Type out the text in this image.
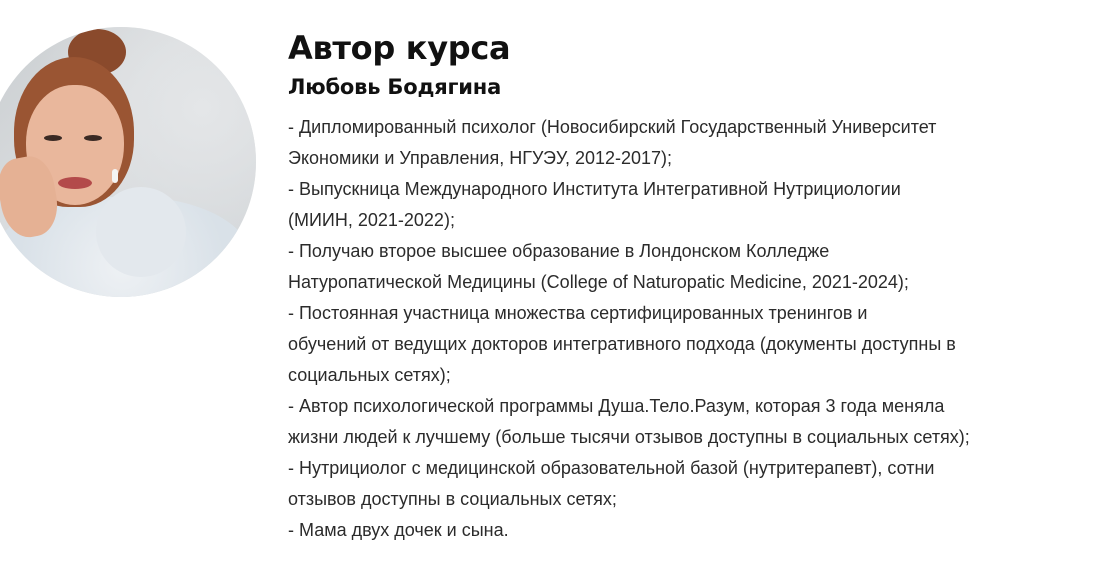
Автор курса
Любовь Бодягина
- Дипломированный психолог (Новосибирский Государственный Университет
Экономики и Управления, НГУЭУ, 2012-2017);
- Выпускница Международного Института Интегративной Нутрициологии
(МИИН, 2021-2022);
- Получаю второе высшее образование в Лондонском Колледже
Натуропатической Медицины (College of Naturopatic Medicine, 2021-2024);
- Постоянная участница множества сертифицированных тренингов и
обучений от ведущих докторов интегративного подхода (документы доступны в
социальных сетях);
- Автор психологической программы Душа.Тело.Разум, которая 3 года меняла
жизни людей к лучшему (больше тысячи отзывов доступны в социальных сетях);
- Нутрициолог с медицинской образовательной базой (нутритерапевт), сотни
отзывов доступны в социальных сетях;
- Мама двух дочек и сына.
